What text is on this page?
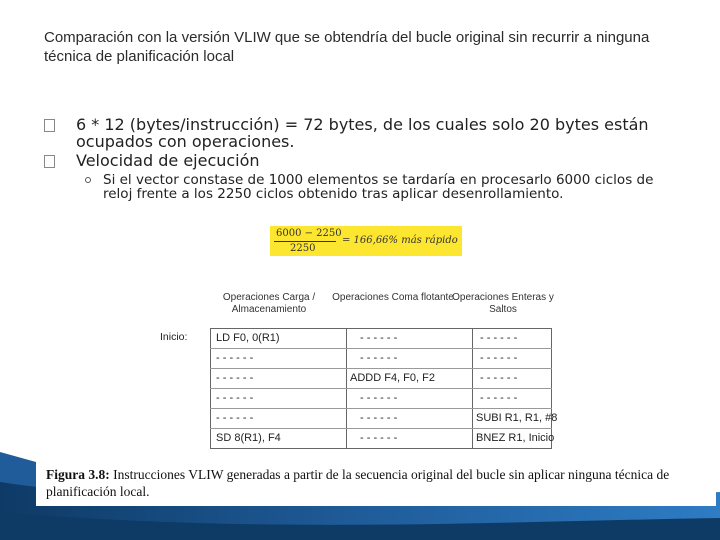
Comparación con la versión VLIW que se obtendría del bucle original sin recurrir a ninguna técnica de planificación local
6 * 12 (bytes/instrucción) = 72 bytes, de los cuales solo 20 bytes están ocupados con operaciones.
Velocidad de ejecución
Si el vector constase de 1000 elementos se tardaría en procesarlo 6000 ciclos de reloj frente a los 2250 ciclos obtenido tras aplicar desenrollamiento.
6000 − 2250
2250
= 166,66% más rápido
Operaciones Carga / Almacenamiento
Operaciones Coma flotante
Operaciones Enteras y Saltos
Inicio:	LD F0, 0(R1)	- - - - - -	- - - - - -
- - - - - -	- - - - - -	- - - - - -
- - - - - -	ADDD F4, F0, F2	- - - - - -
- - - - - -	- - - - - -	- - - - - -
- - - - - -	- - - - - -	SUBI R1, R1, #8
SD 8(R1), F4	- - - - - -	BNEZ R1, Inicio
Figura 3.8: Instrucciones VLIW generadas a partir de la secuencia original del bucle sin aplicar ninguna técnica de planificación local.
